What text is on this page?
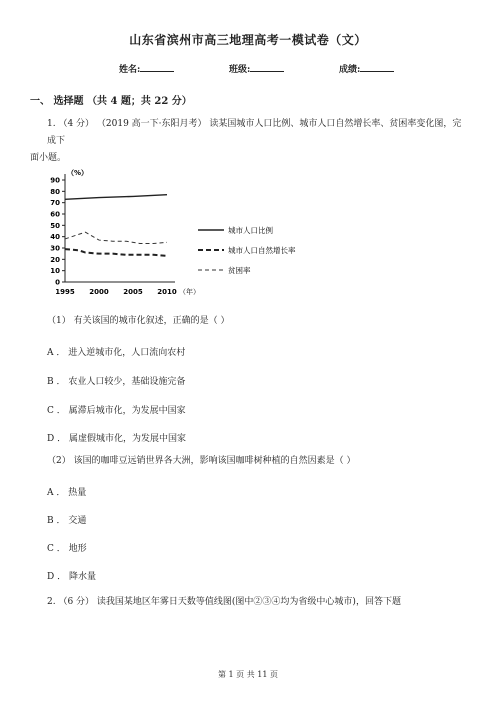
山东省滨州市高三地理高考一模试卷（文）
姓名:	班级:	成绩:
一、 选择题 （共 4 题；共 22 分）
1. （4 分） （2019 高一下·东阳月考） 读某国城市人口比例、城市人口自然增长率、贫困率变化图，完成下
面小题。
（%）
90
80
70
60
50
40
30
20
10
0
1995 2000 2005 2010 （年）
城市人口比例
城市人口自然增长率
贫困率
（1） 有关该国的城市化叙述，正确的是（ ）
A ． 进入逆城市化，人口流向农村
B ． 农业人口较少，基础设施完备
C ． 属滞后城市化，为发展中国家
D ． 属虚假城市化，为发展中国家
（2） 该国的咖啡豆远销世界各大洲，影响该国咖啡树种植的自然因素是（ ）
A ． 热量
B ． 交通
C ． 地形
D ． 降水量
2. （6 分） 读我国某地区年雾日天数等值线图(图中②③④均为省级中心城市)，回答下题
第 1 页 共 11 页
